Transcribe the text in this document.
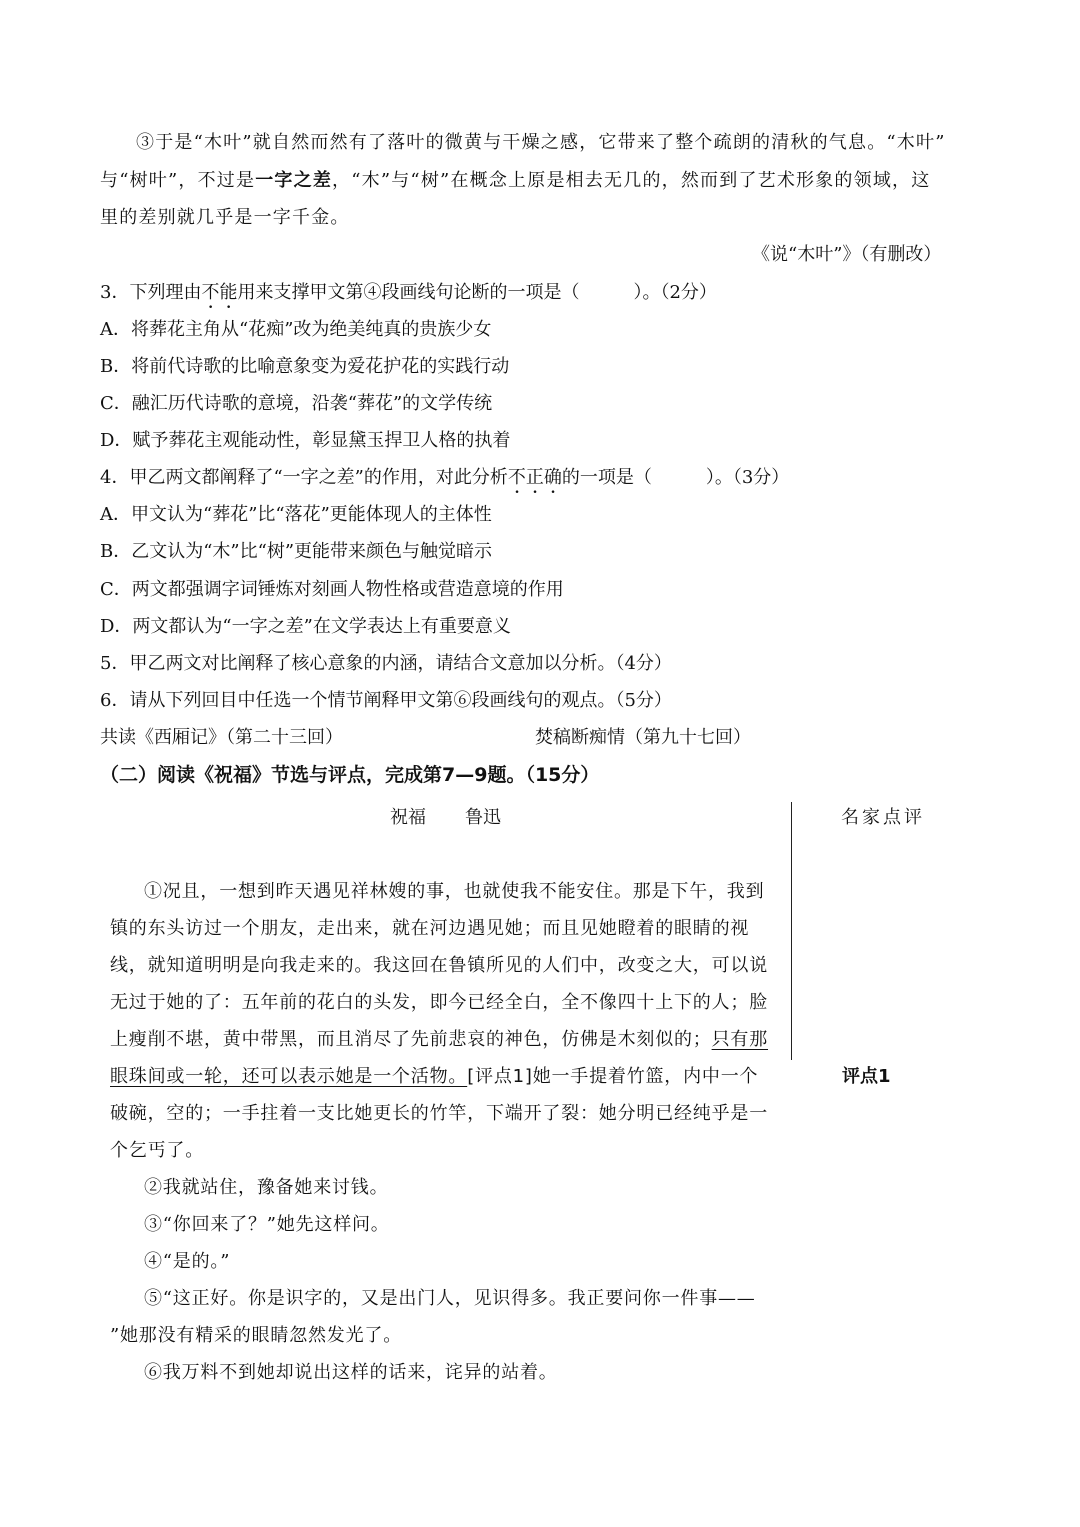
③于是“木叶”就自然而然有了落叶的微黄与干燥之感，它带来了整个疏朗的清秋的气息。“木叶”
与“树叶”，不过是一字之差，“木”与“树”在概念上原是相去无几的，然而到了艺术形象的领域，这
里的差别就几乎是一字千金。
《说“木叶”》（有删改）
3．下列理由不能用来支撑甲文第④段画线句论断的一项是（　　　）。（2分）
A．将葬花主角从“花痴”改为绝美纯真的贵族少女
B．将前代诗歌的比喻意象变为爱花护花的实践行动
C．融汇历代诗歌的意境，沿袭“葬花”的文学传统
D．赋予葬花主观能动性，彰显黛玉捍卫人格的执着
4．甲乙两文都阐释了“一字之差”的作用，对此分析不正确的一项是（　　　）。（3分）
A．甲文认为“葬花”比“落花”更能体现人的主体性
B．乙文认为“木”比“树”更能带来颜色与触觉暗示
C．两文都强调字词锤炼对刻画人物性格或营造意境的作用
D．两文都认为“一字之差”在文学表达上有重要意义
5．甲乙两文对比阐释了核心意象的内涵，请结合文意加以分析。（4分）
6．请从下列回目中任选一个情节阐释甲文第⑥段画线句的观点。（5分）
共读《西厢记》（第二十三回）	焚稿断痴情（第九十七回）
（二）阅读《祝福》节选与评点，完成第7—9题。（15分）
祝福 鲁迅	名家点评
①况且，一想到昨天遇见祥林嫂的事，也就使我不能安住。那是下午，我到
镇的东头访过一个朋友，走出来，就在河边遇见她；而且见她瞪着的眼睛的视
线，就知道明明是向我走来的。我这回在鲁镇所见的人们中，改变之大，可以说
无过于她的了：五年前的花白的头发，即今已经全白，全不像四十上下的人；脸
上瘦削不堪，黄中带黑，而且消尽了先前悲哀的神色，仿佛是木刻似的；只有那
眼珠间或一轮，还可以表示她是一个活物。[评点1]她一手提着竹篮，内中一个	评点1
破碗，空的；一手拄着一支比她更长的竹竿，下端开了裂：她分明已经纯乎是一
个乞丐了。
②我就站住，豫备她来讨钱。
③“你回来了？”她先这样问。
④“是的。”
⑤“这正好。你是识字的，又是出门人，见识得多。我正要问你一件事——
”她那没有精采的眼睛忽然发光了。
⑥我万料不到她却说出这样的话来，诧异的站着。
